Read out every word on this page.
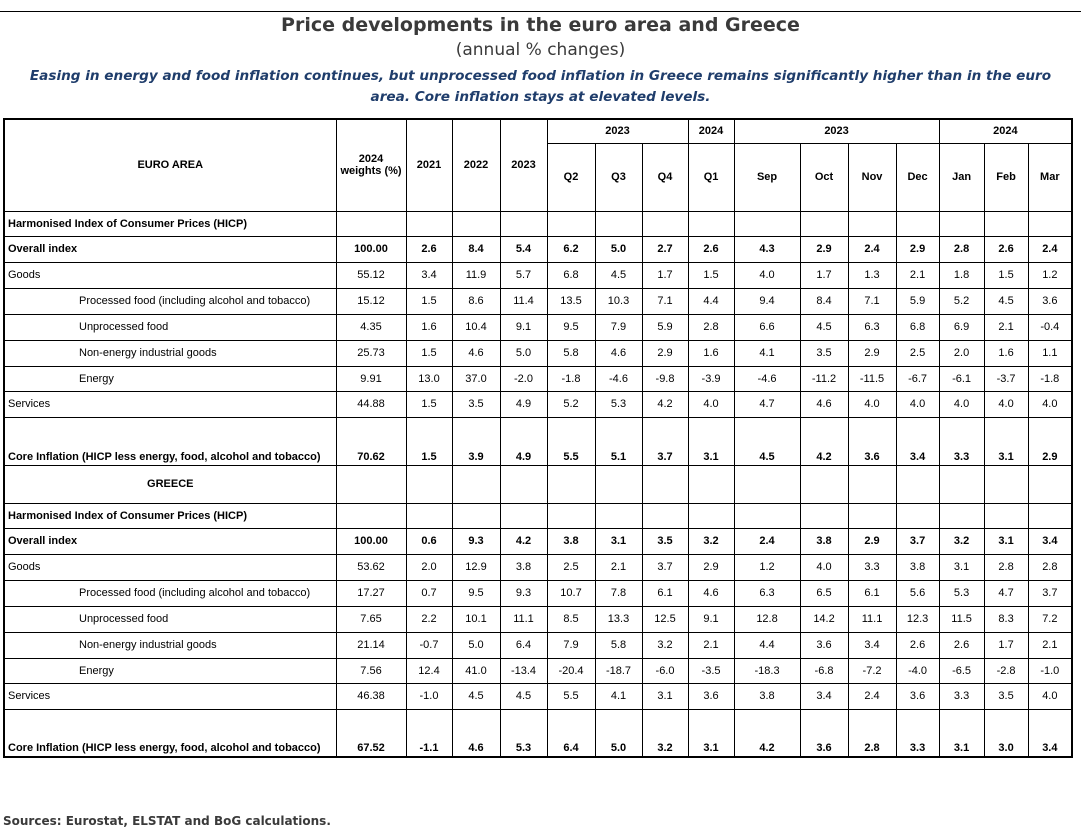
Price developments in the euro area and Greece
(annual % changes)
Easing in energy and food inflation continues, but unprocessed food inflation in Greece remains significantly higher than in the euro area. Core inflation stays at elevated levels.
EURO AREA	2024 weights (%)	2021	2022	2023	2023			2024	2023				2024		
					Q2	Q3	Q4	Q1	Sep	Oct	Nov	Dec	Jan	Feb	Mar
Harmonised Index of Consumer Prices (HICP)															
Overall index	100.00	2.6	8.4	5.4	6.2	5.0	2.7	2.6	4.3	2.9	2.4	2.9	2.8	2.6	2.4
Goods	55.12	3.4	11.9	5.7	6.8	4.5	1.7	1.5	4.0	1.7	1.3	2.1	1.8	1.5	1.2
Processed food (including alcohol and tobacco)	15.12	1.5	8.6	11.4	13.5	10.3	7.1	4.4	9.4	8.4	7.1	5.9	5.2	4.5	3.6
Unprocessed food	4.35	1.6	10.4	9.1	9.5	7.9	5.9	2.8	6.6	4.5	6.3	6.8	6.9	2.1	-0.4
Non-energy industrial goods	25.73	1.5	4.6	5.0	5.8	4.6	2.9	1.6	4.1	3.5	2.9	2.5	2.0	1.6	1.1
Energy	9.91	13.0	37.0	-2.0	-1.8	-4.6	-9.8	-3.9	-4.6	-11.2	-11.5	-6.7	-6.1	-3.7	-1.8
Services	44.88	1.5	3.5	4.9	5.2	5.3	4.2	4.0	4.7	4.6	4.0	4.0	4.0	4.0	4.0
Core Inflation (HICP less energy, food, alcohol and tobacco)	70.62	1.5	3.9	4.9	5.5	5.1	3.7	3.1	4.5	4.2	3.6	3.4	3.3	3.1	2.9
GREECE															
Harmonised Index of Consumer Prices (HICP)															
Overall index	100.00	0.6	9.3	4.2	3.8	3.1	3.5	3.2	2.4	3.8	2.9	3.7	3.2	3.1	3.4
Goods	53.62	2.0	12.9	3.8	2.5	2.1	3.7	2.9	1.2	4.0	3.3	3.8	3.1	2.8	2.8
Processed food (including alcohol and tobacco)	17.27	0.7	9.5	9.3	10.7	7.8	6.1	4.6	6.3	6.5	6.1	5.6	5.3	4.7	3.7
Unprocessed food	7.65	2.2	10.1	11.1	8.5	13.3	12.5	9.1	12.8	14.2	11.1	12.3	11.5	8.3	7.2
Non-energy industrial goods	21.14	-0.7	5.0	6.4	7.9	5.8	3.2	2.1	4.4	3.6	3.4	2.6	2.6	1.7	2.1
Energy	7.56	12.4	41.0	-13.4	-20.4	-18.7	-6.0	-3.5	-18.3	-6.8	-7.2	-4.0	-6.5	-2.8	-1.0
Services	46.38	-1.0	4.5	4.5	5.5	4.1	3.1	3.6	3.8	3.4	2.4	3.6	3.3	3.5	4.0
Core Inflation (HICP less energy, food, alcohol and tobacco)	67.52	-1.1	4.6	5.3	6.4	5.0	3.2	3.1	4.2	3.6	2.8	3.3	3.1	3.0	3.4
Sources: Eurostat, ELSTAT and BoG calculations.
